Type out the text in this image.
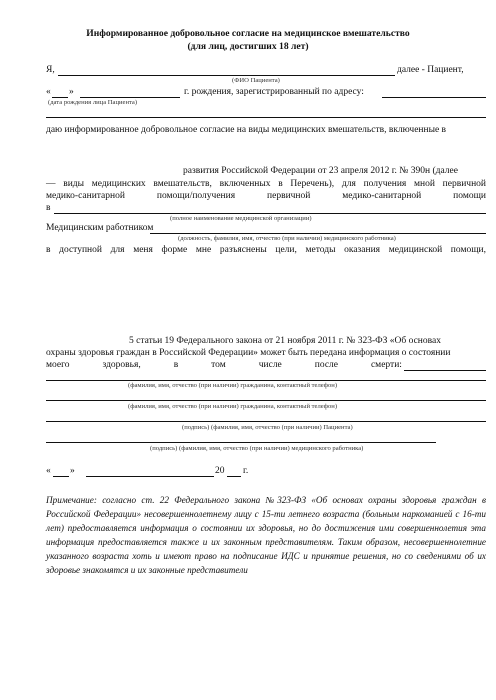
Информированное добровольное согласие на медицинское вмешательство
(для лиц, достигших 18 лет)
Я,	далее - Пациент,
(ФИО Пациента)
« »	г. рождения, зарегистрированный по адресу:
(дата рождения лица Пациента)
даю информированное добровольное согласие на виды медицинских вмешательств, включенные в
развития Российской Федерации от 23 апреля 2012 г. № 390н (далее
— виды медицинских вмешательств, включенных в Перечень), для получения мной первичной
медико-санитарной помощи/получения первичной медико-санитарной помощи
в
(полное наименование медицинской организации)
Медицинским работником
(должность, фамилия, имя, отчество (при наличии) медицинского работника)
в доступной для меня форме мне разъяснены цели, методы оказания медицинской помощи,
5 статьи 19 Федерального закона от 21 ноября 2011 г. № 323-ФЗ «Об основах
охраны здоровья граждан в Российской Федерации» может быть передана информация о состоянии
моего	здоровья,	в	том	числе	после	смерти:
(фамилия, имя, отчество (при наличии) гражданина, контактный телефон)
(фамилия, имя, отчество (при наличии) гражданина, контактный телефон)
(подпись) (фамилия, имя, отчество (при наличии) Пациента)
(подпись) (фамилия, имя, отчество (при наличии) медицинского работника)
« »	20 г.
Примечание: согласно ст. 22 Федерального закона №323-ФЗ «Об основах охраны здоровья граждан в Российской Федерации» несовершеннолетнему лицу с 15-ти летнего возраста (больным наркоманией с 16-ти лет) предоставляется информация о состоянии их здоровья, но до достижения ими совершеннолетия эта информация предоставляется также и их законным представителям. Таким образом, несовершеннолетние указанного возраста хоть и имеют право на подписание ИДС и принятие решения, но со сведениями об их здоровье знакомятся и их законные представители
